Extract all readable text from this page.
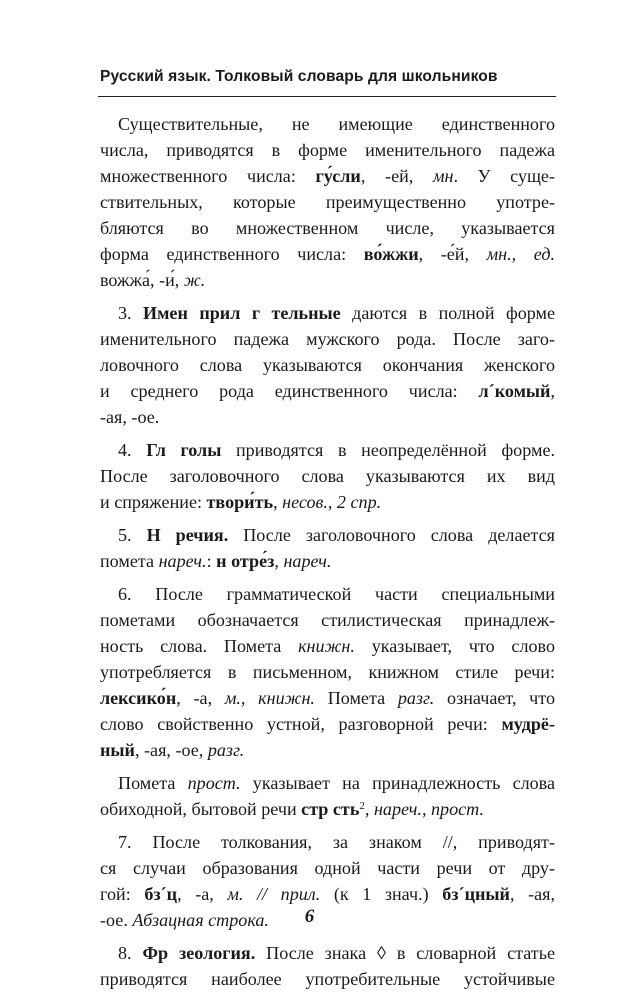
Русский язык. Толковый словарь для школьников
Существительные, не имеющие единственного
числа, приводятся в форме именительного падежа
множественного числа: гу́сли, -ей, мн. У суще-
ствительных, которые преимущественно употре-
бляются во множественном числе, указывается
форма единственного числа: во́жжи, -е́й, мн., ед.
вожжа́, -и́, ж.
3. Имен прил г тельные даются в полной форме
именительного падежа мужского рода. После заго-
ловочного слова указываются окончания женского
и среднего рода единственного числа: л´комый,
-ая, -ое.
4. Гл голы приводятся в неопределённой форме.
После заголовочного слова указываются их вид
и спряжение: твори́ть, несов., 2 спр.
5. Н речия. После заголовочного слова делается
помета нареч.: н отре́з, нареч.
6. После грамматической части специальными
пометами обозначается стилистическая принадлеж-
ность слова. Помета книжн. указывает, что слово
употребляется в письменном, книжном стиле речи:
лексико́н, -а, м., книжн. Помета разг. означает, что
слово свойственно устной, разговорной речи: мудрё-
ный, -ая, -ое, разг.
Помета прост. указывает на принадлежность слова
обиходной, бытовой речи стр сть$^2$, нареч., прост.
7. После толкования, за знаком //, приводят-
ся случаи образования одной части речи от дру-
гой: бз´ц, -а, м. // прил. (к 1 знач.) бз´цный, -ая,
-ое. Абзацная строка.
8. Фр зеология. После знака ◊ в словарной статье
приводятся наиболее употребительные устойчивые
6
